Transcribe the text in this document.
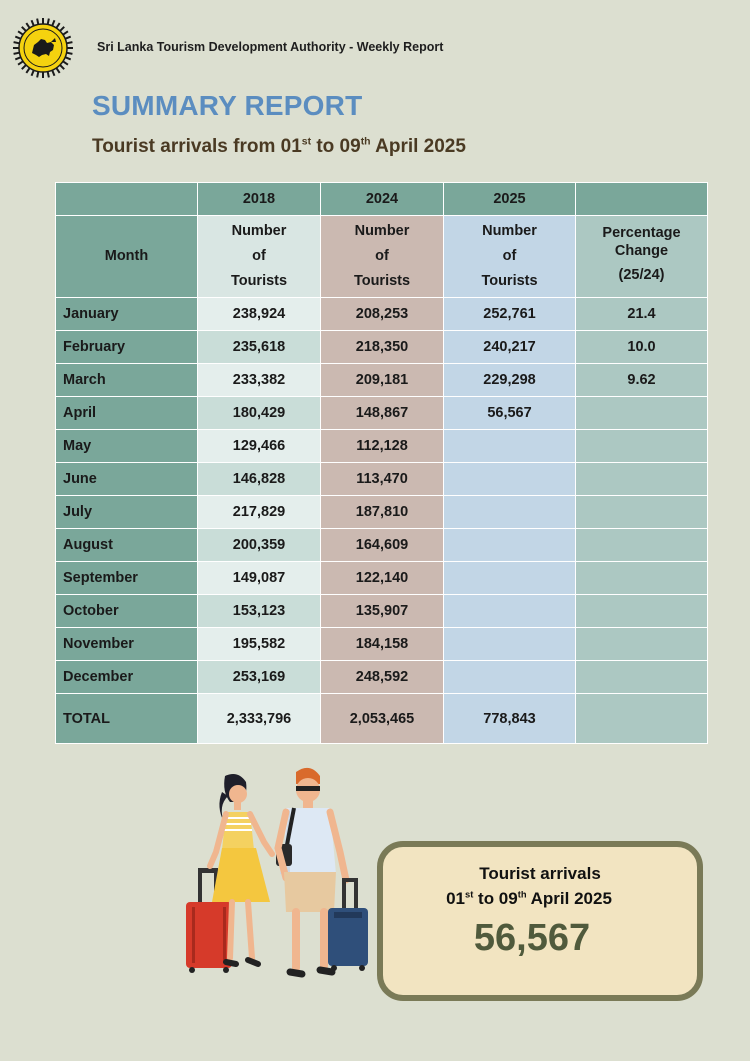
Sri Lanka Tourism Development Authority - Weekly Report
SUMMARY REPORT
Tourist arrivals from 01st to 09th April 2025
	2018	2024	2025	
Month	Number
of
Tourists	Number
of
Tourists	Number
of
Tourists	Percentage
Change
(25/24)
January	238,924	208,253	252,761	21.4
February	235,618	218,350	240,217	10.0
March	233,382	209,181	229,298	9.62
April	180,429	148,867	56,567	
May	129,466	112,128		
June	146,828	113,470		
July	217,829	187,810		
August	200,359	164,609		
September	149,087	122,140		
October	153,123	135,907		
November	195,582	184,158		
December	253,169	248,592		
TOTAL	2,333,796	2,053,465	778,843	
Tourist arrivals
01st to 09th April 2025
56,567
